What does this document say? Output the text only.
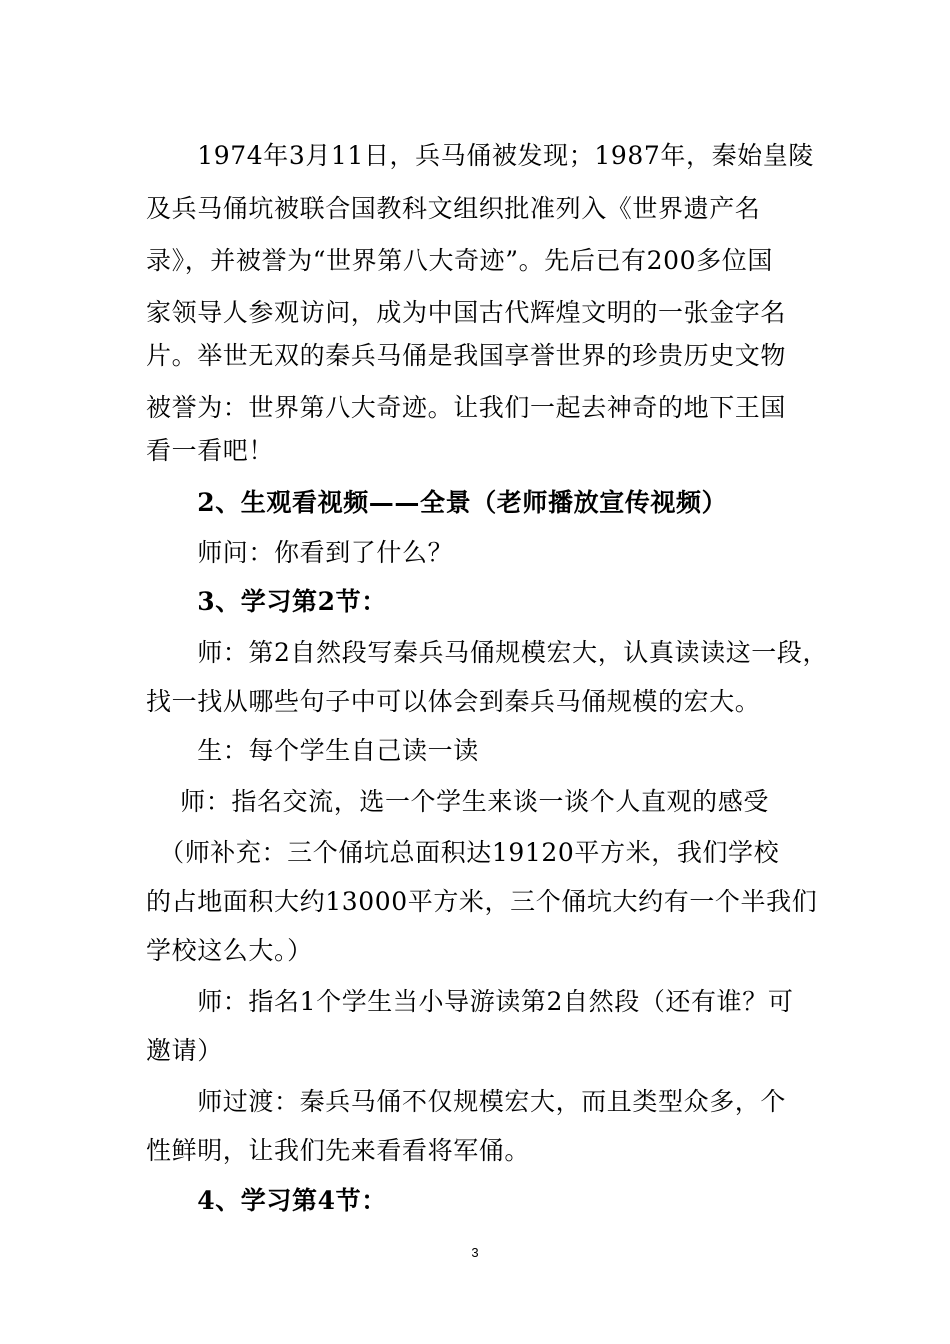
　　1974年3月11日，兵马俑被发现；1987年，秦始皇陵
及兵马俑坑被联合国教科文组织批准列入《世界遗产名
录》，并被誉为“世界第八大奇迹”。先后已有200多位国
家领导人参观访问，成为中国古代辉煌文明的一张金字名
片。举世无双的秦兵马俑是我国享誉世界的珍贵历史文物
被誉为：世界第八大奇迹。让我们一起去神奇的地下王国
看一看吧！
　　2、生观看视频——全景（老师播放宣传视频）
　　师问：你看到了什么？
　　3、学习第2节：
　　师：第2自然段写秦兵马俑规模宏大，认真读读这一段，
找一找从哪些句子中可以体会到秦兵马俑规模的宏大。
　　生：每个学生自己读一读
　 师：指名交流，选一个学生来谈一谈个人直观的感受
　（师补充：三个俑坑总面积达19120平方米，我们学校
的占地面积大约13000平方米，三个俑坑大约有一个半我们
学校这么大。）
　　师：指名1个学生当小导游读第2自然段（还有谁？可
邀请）
　　师过渡：秦兵马俑不仅规模宏大，而且类型众多，个
性鲜明，让我们先来看看将军俑。
　　4、学习第4节：
3
